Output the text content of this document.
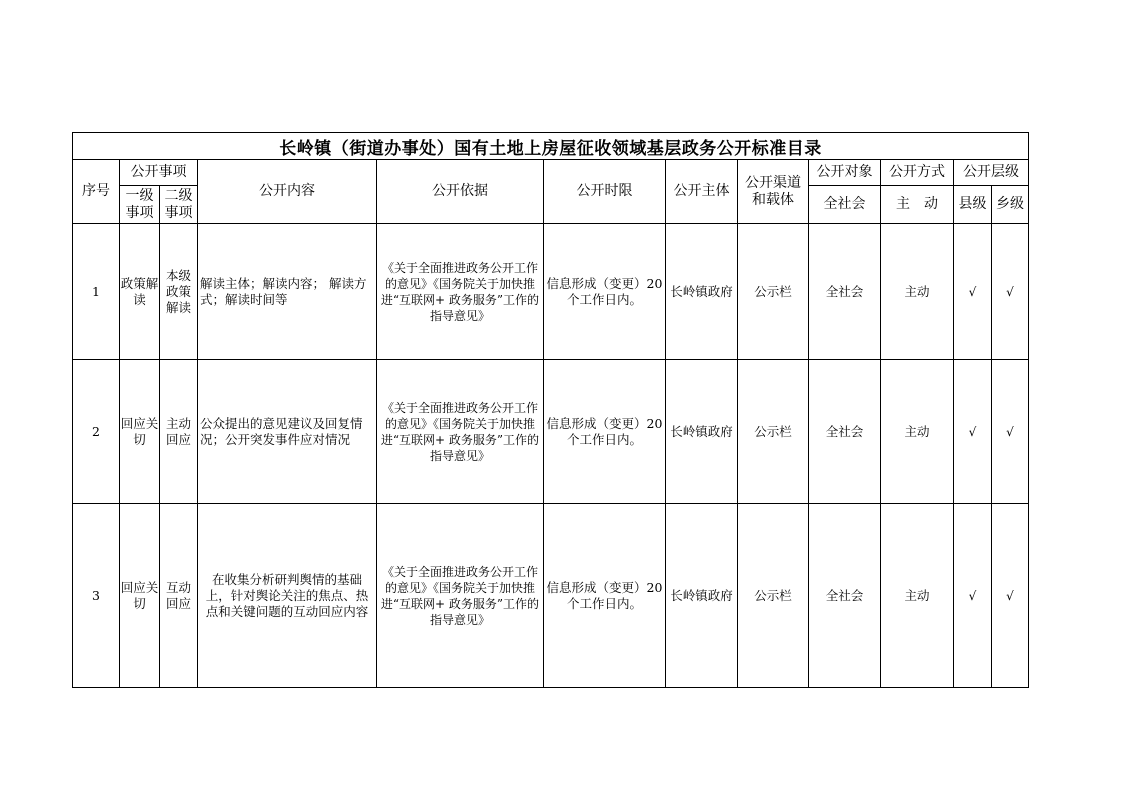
长岭镇（街道办事处）国有土地上房屋征收领域基层政务公开标准目录											
序号	公开事项		公开内容	公开依据	公开时限	公开主体	公开渠道和载体	公开对象	公开方式	公开层级	
	一级事项	二级事项						全社会	主　动	县级	乡级
1	政策解读	本级政策解读	解读主体；解读内容； 解读方式；解读时间等	《关于全面推进政务公开工作的意见》《国务院关于加快推进“互联网+ 政务服务”工作的指导意见》	信息形成（变更）20个工作日内。	长岭镇政府	公示栏	全社会	主动	√	√
2	回应关切	主动回应	公众提出的意见建议及回复情况；公开突发事件应对情况	《关于全面推进政务公开工作的意见》《国务院关于加快推进“互联网+ 政务服务”工作的指导意见》	信息形成（变更）20个工作日内。	长岭镇政府	公示栏	全社会	主动	√	√
3	回应关切	互动回应	在收集分析研判舆情的基础上，针对舆论关注的焦点、热点和关键问题的互动回应内容	《关于全面推进政务公开工作的意见》《国务院关于加快推进“互联网+ 政务服务”工作的指导意见》	信息形成（变更）20个工作日内。	长岭镇政府	公示栏	全社会	主动	√	√
